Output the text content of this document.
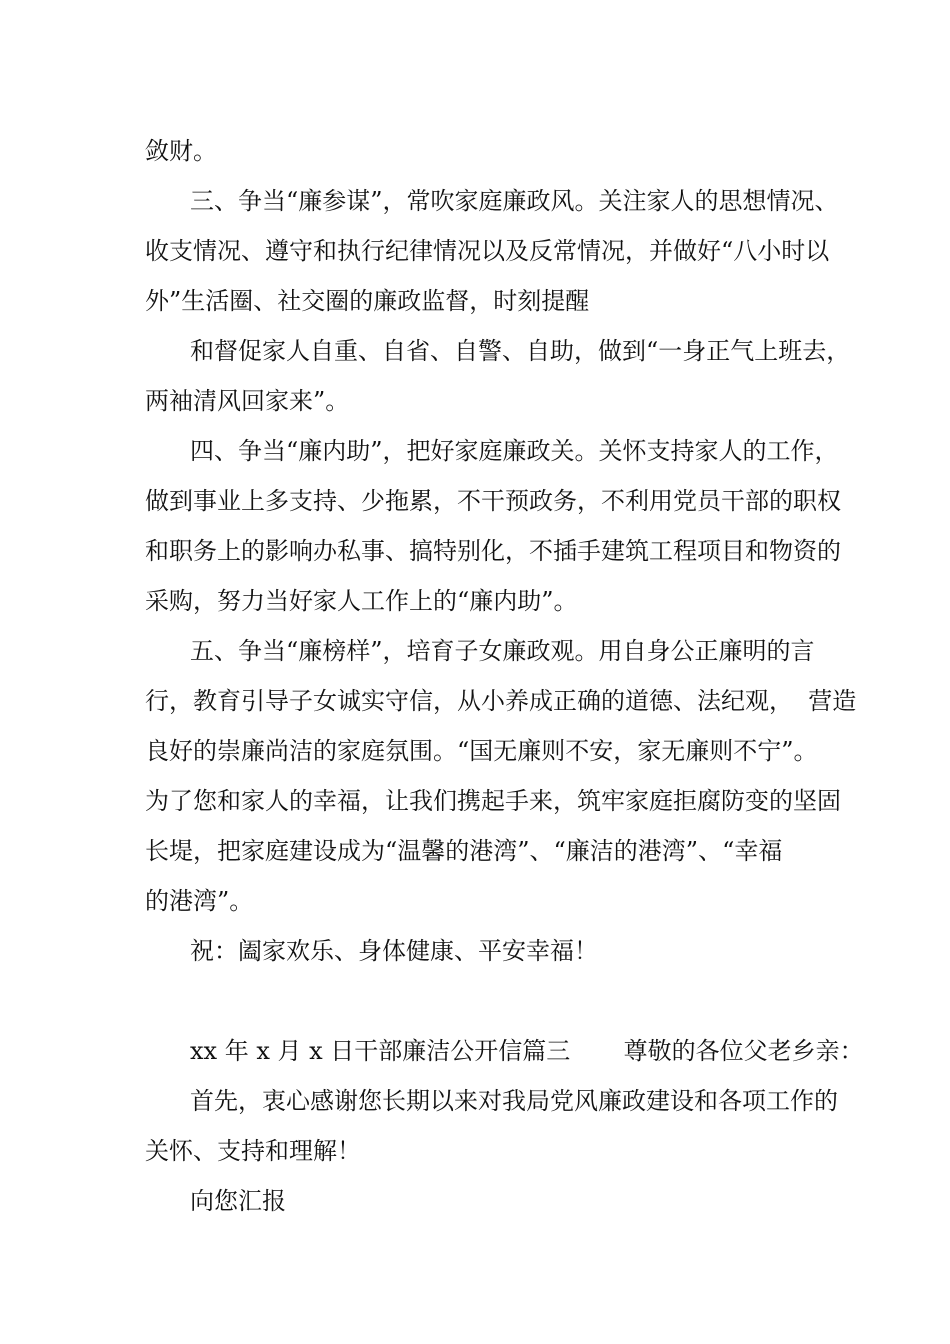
敛财。

三、争当“廉参谋”，常吹家庭廉政风。关注家人的思想情况、

收支情况、遵守和执行纪律情况以及反常情况，并做好“八小时以

外”生活圈、社交圈的廉政监督，时刻提醒

和督促家人自重、自省、自警、自助，做到“一身正气上班去，

两袖清风回家来”。

四、争当“廉内助”，把好家庭廉政关。关怀支持家人的工作，

做到事业上多支持、少拖累，不干预政务，不利用党员干部的职权

和职务上的影响办私事、搞特别化，不插手建筑工程项目和物资的

采购，努力当好家人工作上的“廉内助”。

五、争当“廉榜样”，培育子女廉政观。用自身公正廉明的言

行，教育引导子女诚实守信，从小养成正确的道德、法纪观，  营造

良好的崇廉尚洁的家庭氛围。“国无廉则不安，家无廉则不宁”。

为了您和家人的幸福，让我们携起手来，筑牢家庭拒腐防变的坚固

长堤，把家庭建设成为“温馨的港湾”、“廉洁的港湾”、“幸福

的港湾”。

祝：阖家欢乐、身体健康、平安幸福！

xx 年 x 月 x 日干部廉洁公开信篇三       尊敬的各位父老乡亲：

首先，衷心感谢您长期以来对我局党风廉政建设和各项工作的

关怀、支持和理解！

向您汇报
